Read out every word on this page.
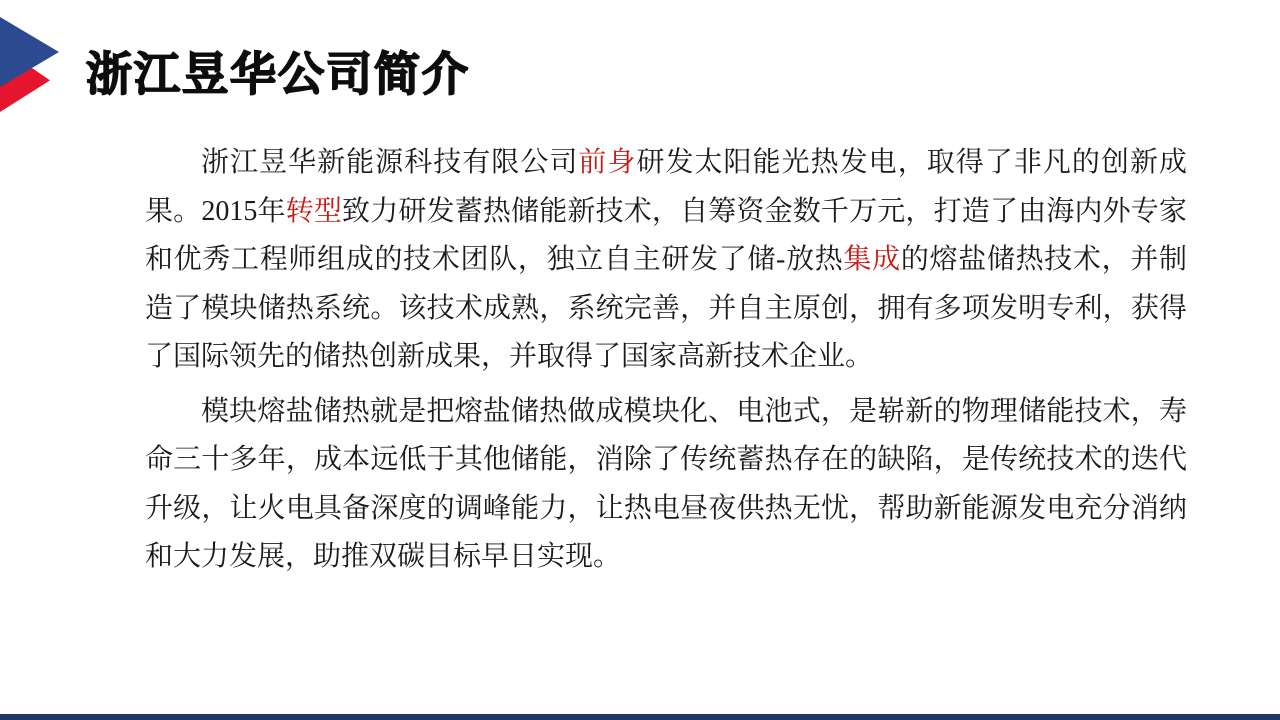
浙江昱华公司简介

浙江昱华新能源科技有限公司前身研发太阳能光热发电，取得了非凡的创新成果。2015年转型致力研发蓄热储能新技术，自筹资金数千万元，打造了由海内外专家和优秀工程师组成的技术团队，独立自主研发了储-放热集成的熔盐储热技术，并制造了模块储热系统。该技术成熟，系统完善，并自主原创，拥有多项发明专利，获得了国际领先的储热创新成果，并取得了国家高新技术企业。

模块熔盐储热就是把熔盐储热做成模块化、电池式，是崭新的物理储能技术，寿命三十多年，成本远低于其他储能，消除了传统蓄热存在的缺陷，是传统技术的迭代升级，让火电具备深度的调峰能力，让热电昼夜供热无忧，帮助新能源发电充分消纳和大力发展，助推双碳目标早日实现。
